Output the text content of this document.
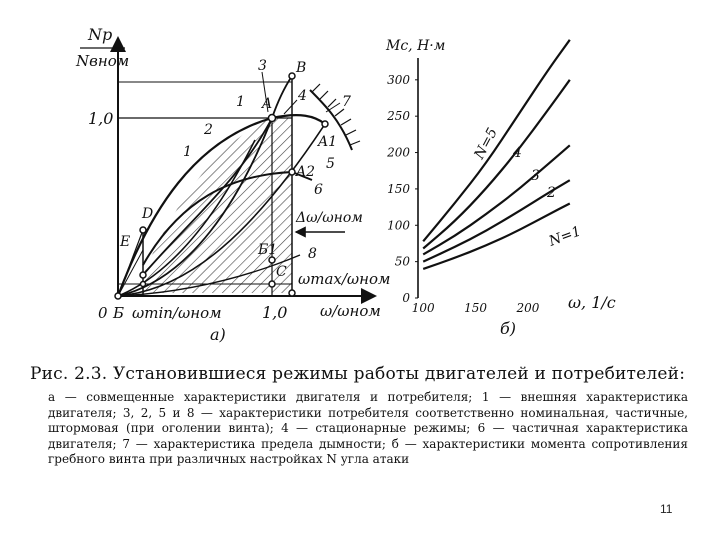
Np
Nвном
1,0
ω/ωном
ωmax/ωном
ωmin/ωном
Δω/ωном
1,0
0 Б
а)
A
B
D
E
A1
A2
Б1
C
1
1
2
3
4
5
6
7
8
Mc, Н·м
0
50
100
150
200
250
300
100 150 200 ω, 1/с
б)
N=5 4
3
2
N=1
Рис. 2.3. Установившиеся режимы работы двигателей и потребителей:
а — совмещенные характеристики двигателя и потребителя; 1 — внешняя характеристика двигателя; 3, 2, 5 и 8 — характеристики потребителя соответственно номинальная, частичные, штормовая (при оголении винта); 4 — стационарные режимы; 6 — частичная характеристика двигателя; 7 — характеристика предела дымности; б — характеристики момента сопротивления гребного винта при различных настройках N угла атаки
11
